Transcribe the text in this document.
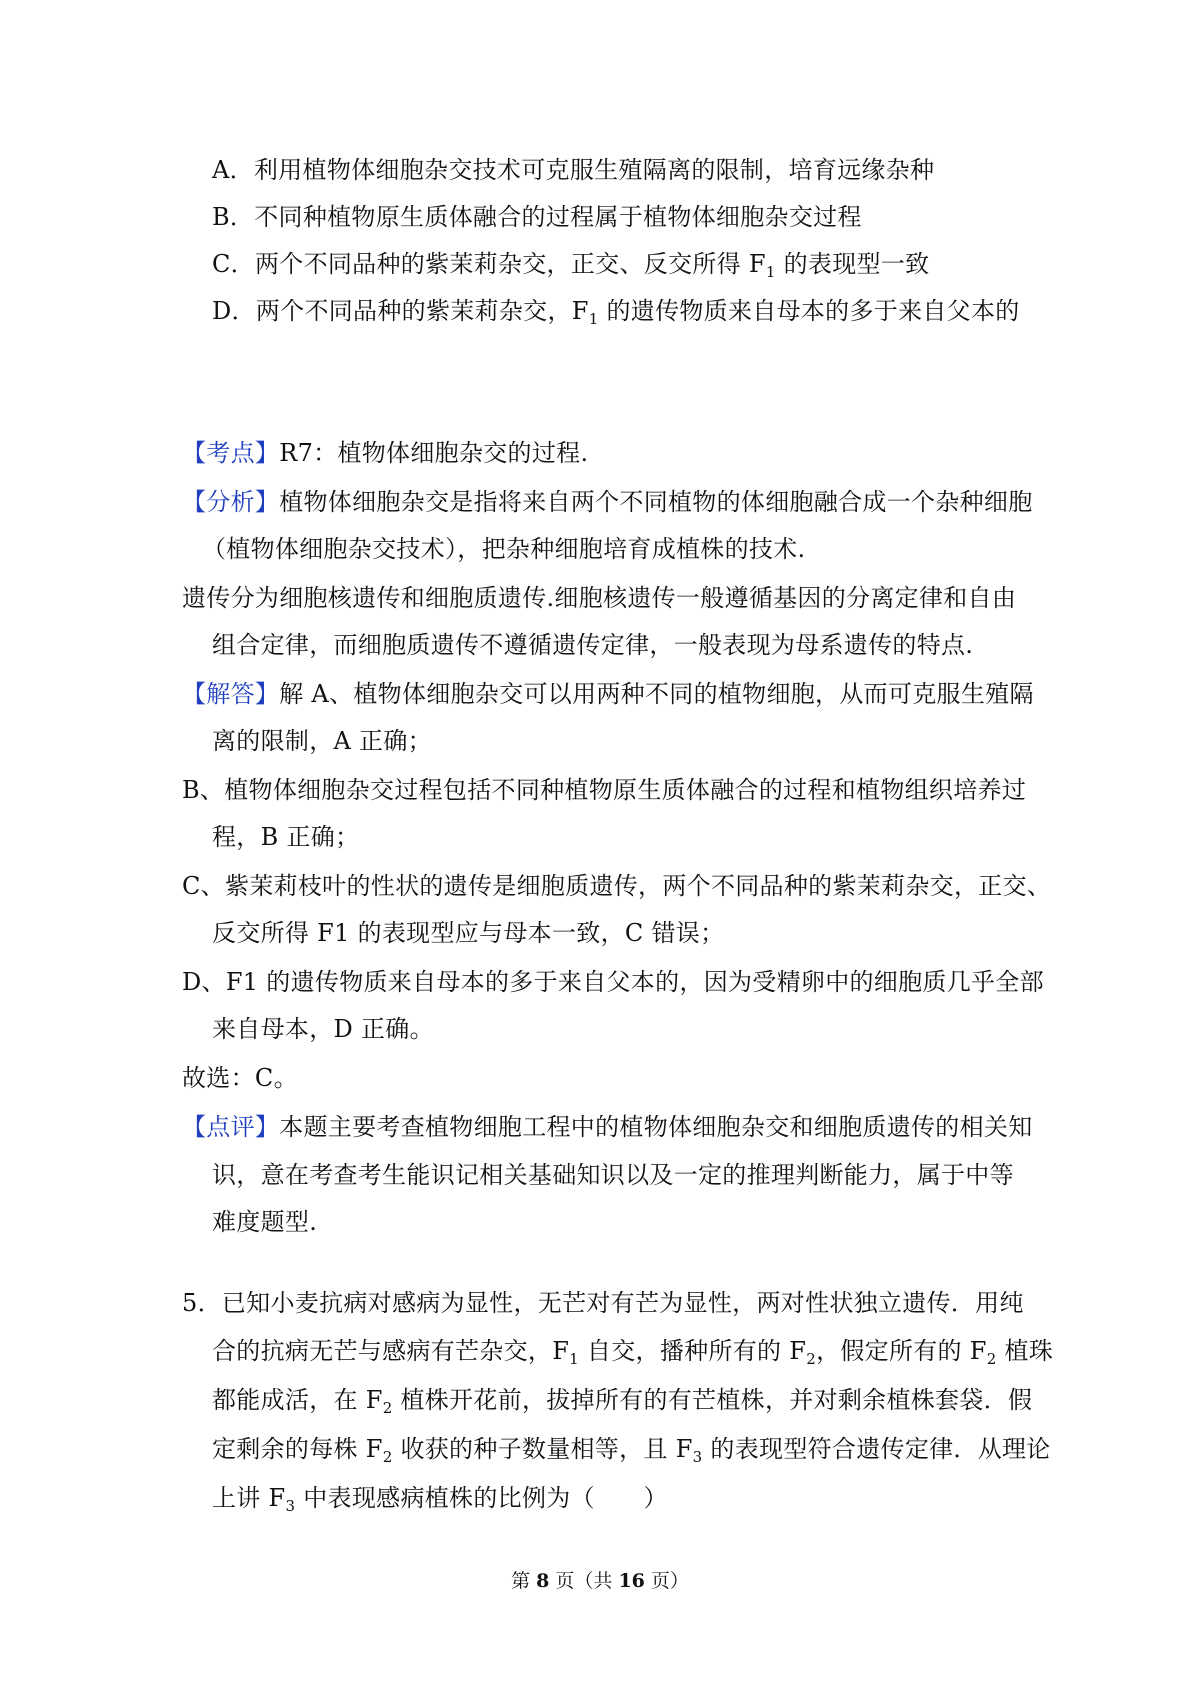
A．利用植物体细胞杂交技术可克服生殖隔离的限制，培育远缘杂种
B．不同种植物原生质体融合的过程属于植物体细胞杂交过程
C．两个不同品种的紫茉莉杂交，正交、反交所得 $F_1$ 的表现型一致
D．两个不同品种的紫茉莉杂交，$F_1$ 的遗传物质来自母本的多于来自父本的
【考点】R7：植物体细胞杂交的过程.
【分析】植物体细胞杂交是指将来自两个不同植物的体细胞融合成一个杂种细胞
（植物体细胞杂交技术），把杂种细胞培育成植株的技术.
遗传分为细胞核遗传和细胞质遗传.细胞核遗传一般遵循基因的分离定律和自由
组合定律，而细胞质遗传不遵循遗传定律，一般表现为母系遗传的特点.
【解答】解 A、植物体细胞杂交可以用两种不同的植物细胞，从而可克服生殖隔
离的限制，A 正确；
B、植物体细胞杂交过程包括不同种植物原生质体融合的过程和植物组织培养过
程，B 正确；
C、紫茉莉枝叶的性状的遗传是细胞质遗传，两个不同品种的紫茉莉杂交，正交、
反交所得 F1 的表现型应与母本一致，C 错误；
D、F1 的遗传物质来自母本的多于来自父本的，因为受精卵中的细胞质几乎全部
来自母本，D 正确。
故选：C。
【点评】本题主要考查植物细胞工程中的植物体细胞杂交和细胞质遗传的相关知
识，意在考查考生能识记相关基础知识以及一定的推理判断能力，属于中等
难度题型.
5．已知小麦抗病对感病为显性，无芒对有芒为显性，两对性状独立遗传．用纯
合的抗病无芒与感病有芒杂交，$F_1$ 自交，播种所有的 $F_2$，假定所有的 $F_2$ 植珠
都能成活，在 $F_2$ 植株开花前，拔掉所有的有芒植株，并对剩余植株套袋．假
定剩余的每株 $F_2$ 收获的种子数量相等，且 $F_3$ 的表现型符合遗传定律．从理论
上讲 $F_3$ 中表现感病植株的比例为（　　）
第 8 页（共 16 页）
